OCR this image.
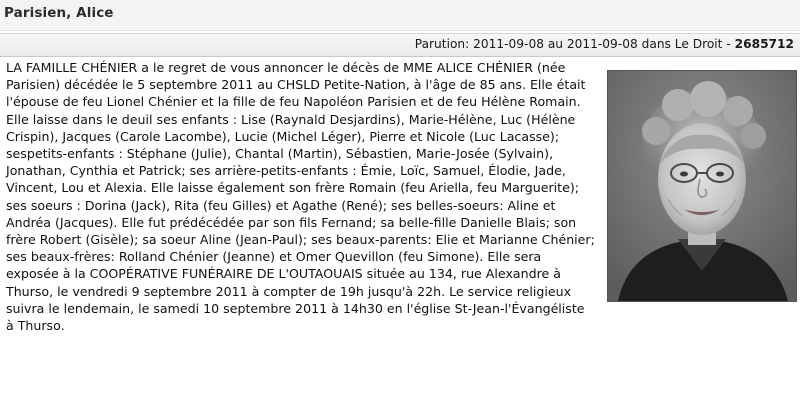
Parisien, Alice
Parution: 2011-09-08 au 2011-09-08 dans Le Droit - 2685712

LA FAMILLE CHÉNIER a le regret de vous annoncer le décès de MME ALICE CHÉNIER (née Parisien) décédée le 5 septembre 2011 au CHSLD Petite-Nation, à l'âge de 85 ans. Elle était l'épouse de feu Lionel Chénier et la fille de feu Napoléon Parisien et de feu Hélène Romain. Elle laisse dans le deuil ses enfants : Lise (Raynald Desjardins), Marie-Hélène, Luc (Hélène Crispin), Jacques (Carole Lacombe), Lucie (Michel Léger), Pierre et Nicole (Luc Lacasse); sespetits-enfants : Stéphane (Julie), Chantal (Martin), Sébastien, Marie-Josée (Sylvain), Jonathan, Cynthia et Patrick; ses arrière-petits-enfants : Émie, Loïc, Samuel, Élodie, Jade, Vincent, Lou et Alexia. Elle laisse également son frère Romain (feu Ariella, feu Marguerite); ses soeurs : Dorina (Jack), Rita (feu Gilles) et Agathe (René); ses belles-soeurs: Aline et Andréa (Jacques). Elle fut prédécédée par son fils Fernand; sa belle-fille Danielle Blais; son frère Robert (Gisèle); sa soeur Aline (Jean-Paul); ses beaux-parents: Elie et Marianne Chénier; ses beaux-frères: Rolland Chénier (Jeanne) et Omer Quevillon (feu Simone). Elle sera exposée à la COOPÉRATIVE FUNÉRAIRE DE L'OUTAOUAIS située au 134, rue Alexandre à Thurso, le vendredi 9 septembre 2011 à compter de 19h jusqu'à 22h. Le service religieux suivra le lendemain, le samedi 10 septembre 2011 à 14h30 en l'église St-Jean-l'Évangéliste à Thurso.
